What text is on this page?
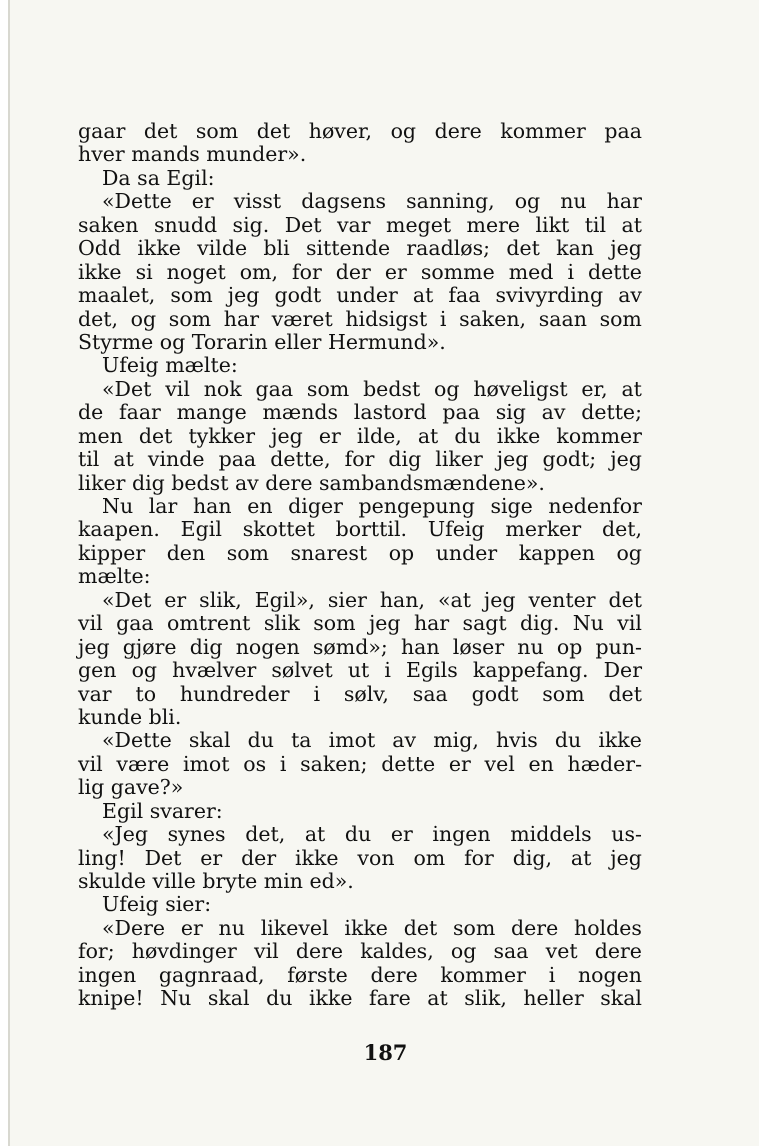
gaar det som det høver, og dere kommer paa
hver mands munder».
Da sa Egil:
«Dette er visst dagsens sanning, og nu har
saken snudd sig. Det var meget mere likt til at
Odd ikke vilde bli sittende raadløs; det kan jeg
ikke si noget om, for der er somme med i dette
maalet, som jeg godt under at faa svivyrding av
det, og som har været hidsigst i saken, saan som
Styrme og Torarin eller Hermund».
Ufeig mælte:
«Det vil nok gaa som bedst og høveligst er, at
de faar mange mænds lastord paa sig av dette;
men det tykker jeg er ilde, at du ikke kommer
til at vinde paa dette, for dig liker jeg godt; jeg
liker dig bedst av dere sambandsmændene».
Nu lar han en diger pengepung sige nedenfor
kaapen. Egil skottet borttil. Ufeig merker det,
kipper den som snarest op under kappen og
mælte:
«Det er slik, Egil», sier han, «at jeg venter det
vil gaa omtrent slik som jeg har sagt dig. Nu vil
jeg gjøre dig nogen sømd»; han løser nu op pun-
gen og hvælver sølvet ut i Egils kappefang. Der
var to hundreder i sølv, saa godt som det
kunde bli.
«Dette skal du ta imot av mig, hvis du ikke
vil være imot os i saken; dette er vel en hæder-
lig gave?»
Egil svarer:
«Jeg synes det, at du er ingen middels us-
ling! Det er der ikke von om for dig, at jeg
skulde ville bryte min ed».
Ufeig sier:
«Dere er nu likevel ikke det som dere holdes
for; høvdinger vil dere kaldes, og saa vet dere
ingen gagnraad, første dere kommer i nogen
knipe! Nu skal du ikke fare at slik, heller skal
187
